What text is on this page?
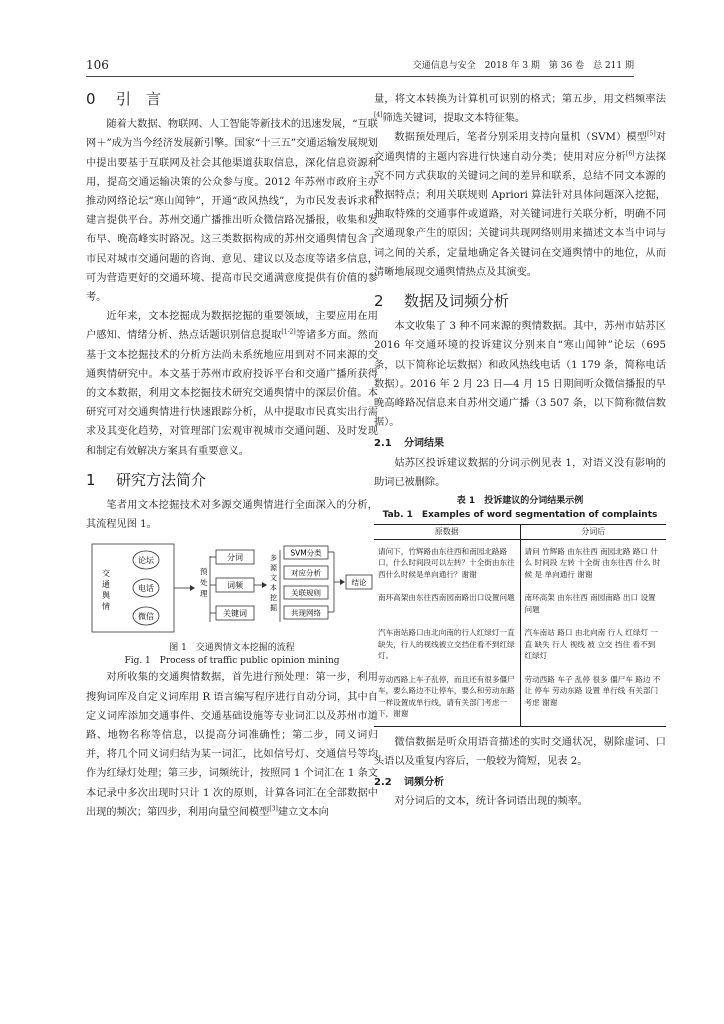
106	交通信息与安全　2018 年 3 期　第 36 卷　总 211 期
0 引　言

随着大数据、物联网、人工智能等新技术的迅速发展，“互联网＋”成为当今经济发展新引擎。国家“十三五”交通运输发展规划中提出要基于互联网及社会其他渠道获取信息，深化信息资源利用，提高交通运输决策的公众参与度。2012 年苏州市政府主办推动网络论坛“寒山闻钟”，开通“政风热线”，为市民发表诉求和建言提供平台。苏州交通广播推出听众微信路况播报，收集和发布早、晚高峰实时路况。这三类数据构成的苏州交通舆情包含了市民对城市交通问题的咨询、意见、建议以及态度等诸多信息，可为营造更好的交通环境、提高市民交通满意度提供有价值的参考。

近年来，文本挖掘成为数据挖掘的重要领域，主要应用在用户感知、情绪分析、热点话题识别信息提取[1-2]等诸多方面。然而基于文本挖掘技术的分析方法尚未系统地应用到对不同来源的交通舆情研究中。本文基于苏州市政府投诉平台和交通广播所获得的文本数据，利用文本挖掘技术研究交通舆情中的深层价值。本研究可对交通舆情进行快速跟踪分析，从中提取市民真实出行需求及其变化趋势，对管理部门宏观审视城市交通问题、及时发现和制定有效解决方案具有重要意义。

1 研究方法简介

笔者用文本挖掘技术对多源交通舆情进行全面深入的分析，其流程见图 1。

交 通 舆 情
论坛
电话
微信
预 处 理
分词
词频
关键词
多 源 文 本 挖 掘
SVM分类
对应分析
关联规则
共现网络
结论

图 1　交通舆情文本挖掘的流程

Fig. 1　Process of traffic public opinion mining

对所收集的交通舆情数据，首先进行预处理：第一步，利用搜狗词库及自定义词库用 R 语言编写程序进行自动分词，其中自定义词库添加交通事件、交通基础设施等专业词汇以及苏州市道路、地物名称等信息，以提高分词准确性；第二步，同义词归并，将几个同义词归结为某一词汇，比如信号灯、交通信号等均作为红绿灯处理；第三步，词频统计，按照同 1 个词汇在 1 条文本记录中多次出现时只计 1 次的原则，计算各词汇在全部数据中出现的频次；第四步，利用向量空间模型[3]建立文本向

量，将文本转换为计算机可识别的格式；第五步，用文档频率法[4]筛选关键词，提取文本特征集。

数据预处理后，笔者分别采用支持向量机（SVM）模型[5]对交通舆情的主题内容进行快速自动分类；使用对应分析[6]方法探究不同方式获取的关键词之间的差异和联系，总结不同文本源的数据特点；利用关联规则 Apriori 算法针对具体问题深入挖掘，抽取特殊的交通事件或道路，对关键词进行关联分析，明确不同交通现象产生的原因；关键词共现网络则用来描述文本当中词与词之间的关系，定量地确定各关键词在交通舆情中的地位，从而清晰地展现交通舆情热点及其演变。

2 数据及词频分析

本文收集了 3 种不同来源的舆情数据。其中，苏州市姑苏区 2016 年交通环境的投诉建议分别来自“寒山闻钟”论坛（695 条，以下简称论坛数据）和政风热线电话（1 179 条，简称电话数据）。2016 年 2 月 23 日—4 月 15 日期间听众微信播报的早晚高峰路况信息来自苏州交通广播（3 507 条，以下简称微信数据）。

2.1 分词结果

姑苏区投诉建议数据的分词示例见表 1，对语义没有影响的助词已被删除。

表 1　投诉建议的分词结果示例

Tab. 1　Examples of word segmentation of complaints

原数据	分词后
请问下，竹辉路由东往西和南园北路路口，什么时间段可以左转？十全街由东往西什么时候是单向通行？谢谢	请问 竹辉路 由东往西 南园北路 路口 什么 时间段 左转 十全街 由东往西 什么 时候 是 单向通行 谢谢
南环高架由东往西南园南路出口设置问题	南环高架 由东往西 南园南路 出口 设置 问题
汽车南站路口由北向南的行人红绿灯一直缺失，行人的视线被立交挡住看不到红绿灯。	汽车南站 路口 由北向南 行人 红绿灯 一直 缺失 行人 视线 被 立交 挡住 看不到 红绿灯
劳动西路上车子乱停，而且还有很多僵尸车，要么路边不让停车，要么和劳动东路一样设置成单行线，请有关部门考虑一下，谢谢	劳动西路 车子 乱停 很多 僵尸车 路边 不让 停车 劳动东路 设置 单行线 有关部门 考虑 谢谢

微信数据是听众用语音描述的实时交通状况，剔除虚词、口头语以及重复内容后，一般较为简短，见表 2。

2.2 词频分析

对分词后的文本，统计各词语出现的频率。
